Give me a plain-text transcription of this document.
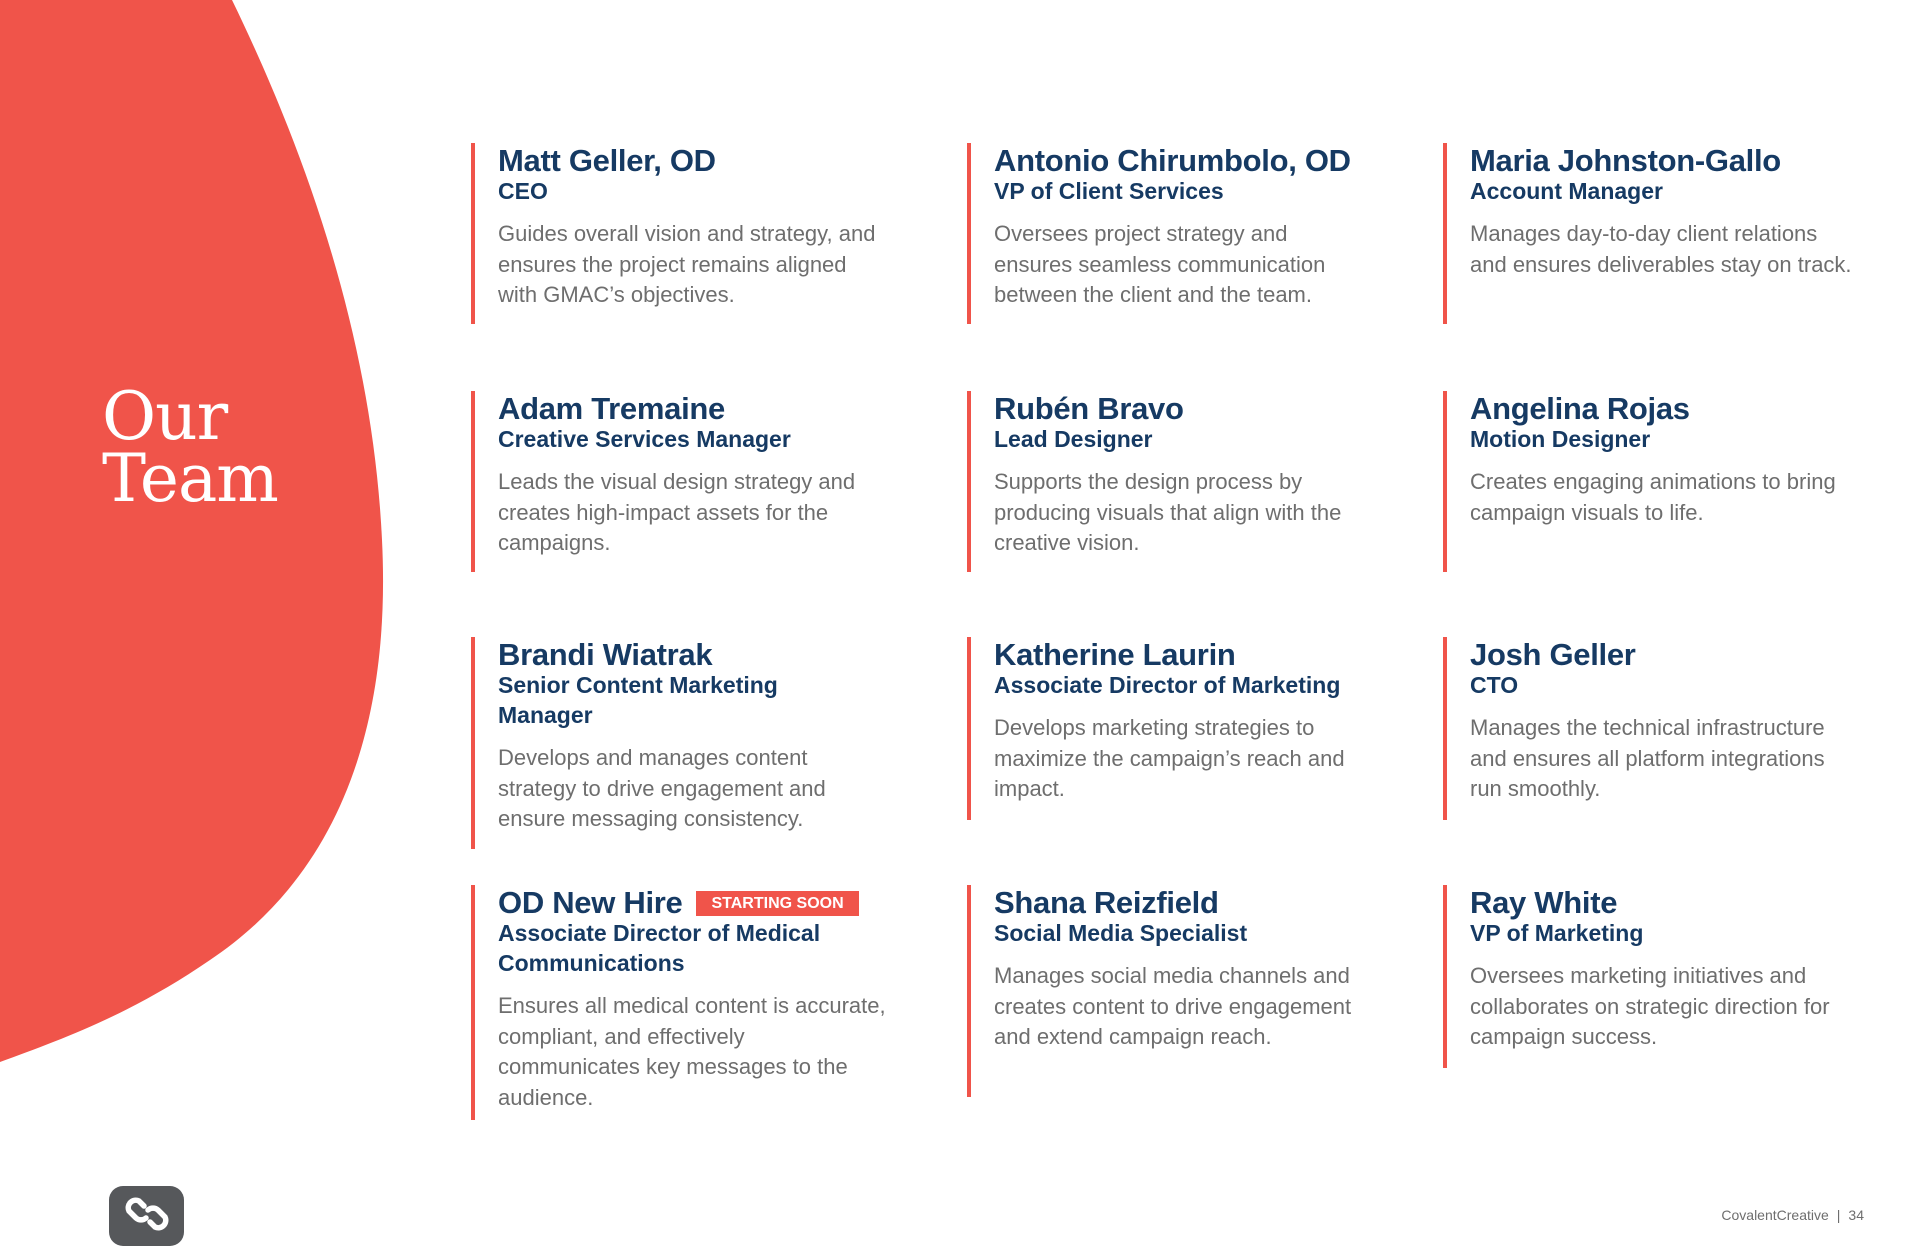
Our
Team
Matt Geller, OD
CEO
Guides overall vision and strategy, and ensures the project remains aligned with GMAC’s objectives.
Antonio Chirumbolo, OD
VP of Client Services
Oversees project strategy and ensures seamless communication between the client and the team.
Maria Johnston-Gallo
Account Manager
Manages day-to-day client relations and ensures deliverables stay on track.
Adam Tremaine
Creative Services Manager
Leads the visual design strategy and creates high-impact assets for the campaigns.
Rubén Bravo
Lead Designer
Supports the design process by producing visuals that align with the creative vision.
Angelina Rojas
Motion Designer
Creates engaging animations to bring campaign visuals to life.
Brandi Wiatrak
Senior Content Marketing Manager
Develops and manages content strategy to drive engagement and ensure messaging consistency.
Katherine Laurin
Associate Director of Marketing
Develops marketing strategies to maximize the campaign’s reach and impact.
Josh Geller
CTO
Manages the technical infrastructure and ensures all platform integrations run smoothly.
OD New Hire	STARTING SOON
Associate Director of Medical Communications
Ensures all medical content is accurate, compliant, and effectively communicates key messages to the audience.
Shana Reizfield
Social Media Specialist
Manages social media channels and creates content to drive engagement and extend campaign reach.
Ray White
VP of Marketing
Oversees marketing initiatives and collaborates on strategic direction for campaign success.
CovalentCreative | 34
